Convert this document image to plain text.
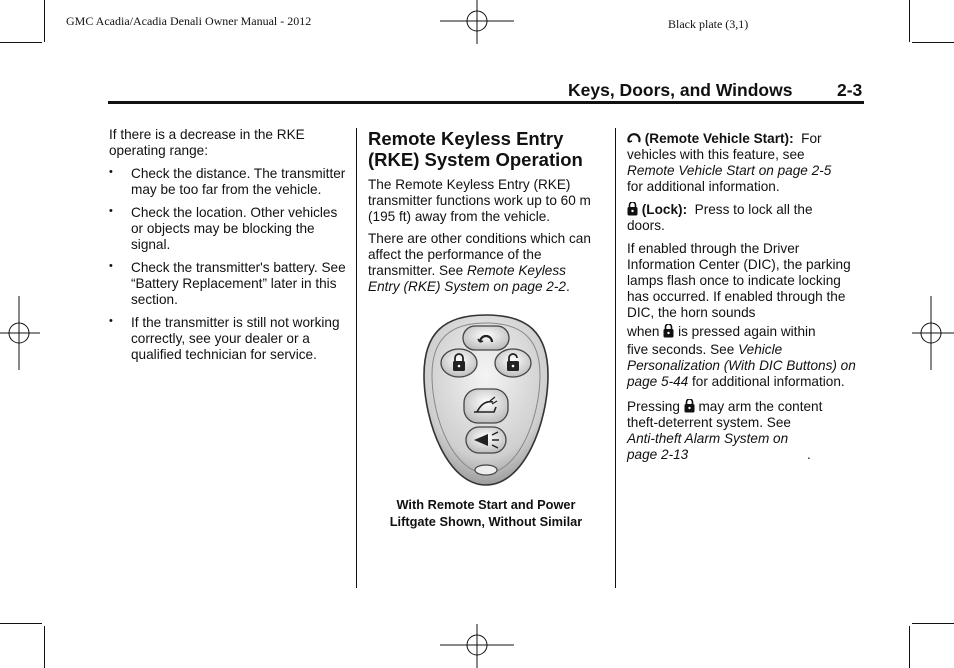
GMC Acadia/Acadia Denali Owner Manual - 2012	Black plate (3,1)
Keys, Doors, and Windows	2-3

If there is a decrease in the RKE operating range:

• Check the distance. The transmitter may be too far from the vehicle.
• Check the location. Other vehicles or objects may be blocking the signal.
• Check the transmitter's battery. See “Battery Replacement” later in this section.
• If the transmitter is still not working correctly, see your dealer or a qualified technician for service.
Remote Keyless Entry (RKE) System Operation

The Remote Keyless Entry (RKE) transmitter functions work up to 60 m (195 ft) away from the vehicle.

There are other conditions which can affect the performance of the transmitter. See Remote Keyless Entry (RKE) System on page 2-2.

With Remote Start and Power
Liftgate Shown, Without Similar

(Remote Vehicle Start): For vehicles with this feature, see
Remote Vehicle Start on page 2-5
for additional information.

(Lock): Press to lock all the doors.

If enabled through the Driver Information Center (DIC), the parking lamps flash once to indicate locking has occurred. If enabled through the DIC, the horn sounds

when is pressed again within

five seconds. See Vehicle Personalization (With DIC Buttons) on page 5-44 for additional information.

Pressing may arm the content theft-deterrent system. See
Anti-theft Alarm System on page 2-13	.
